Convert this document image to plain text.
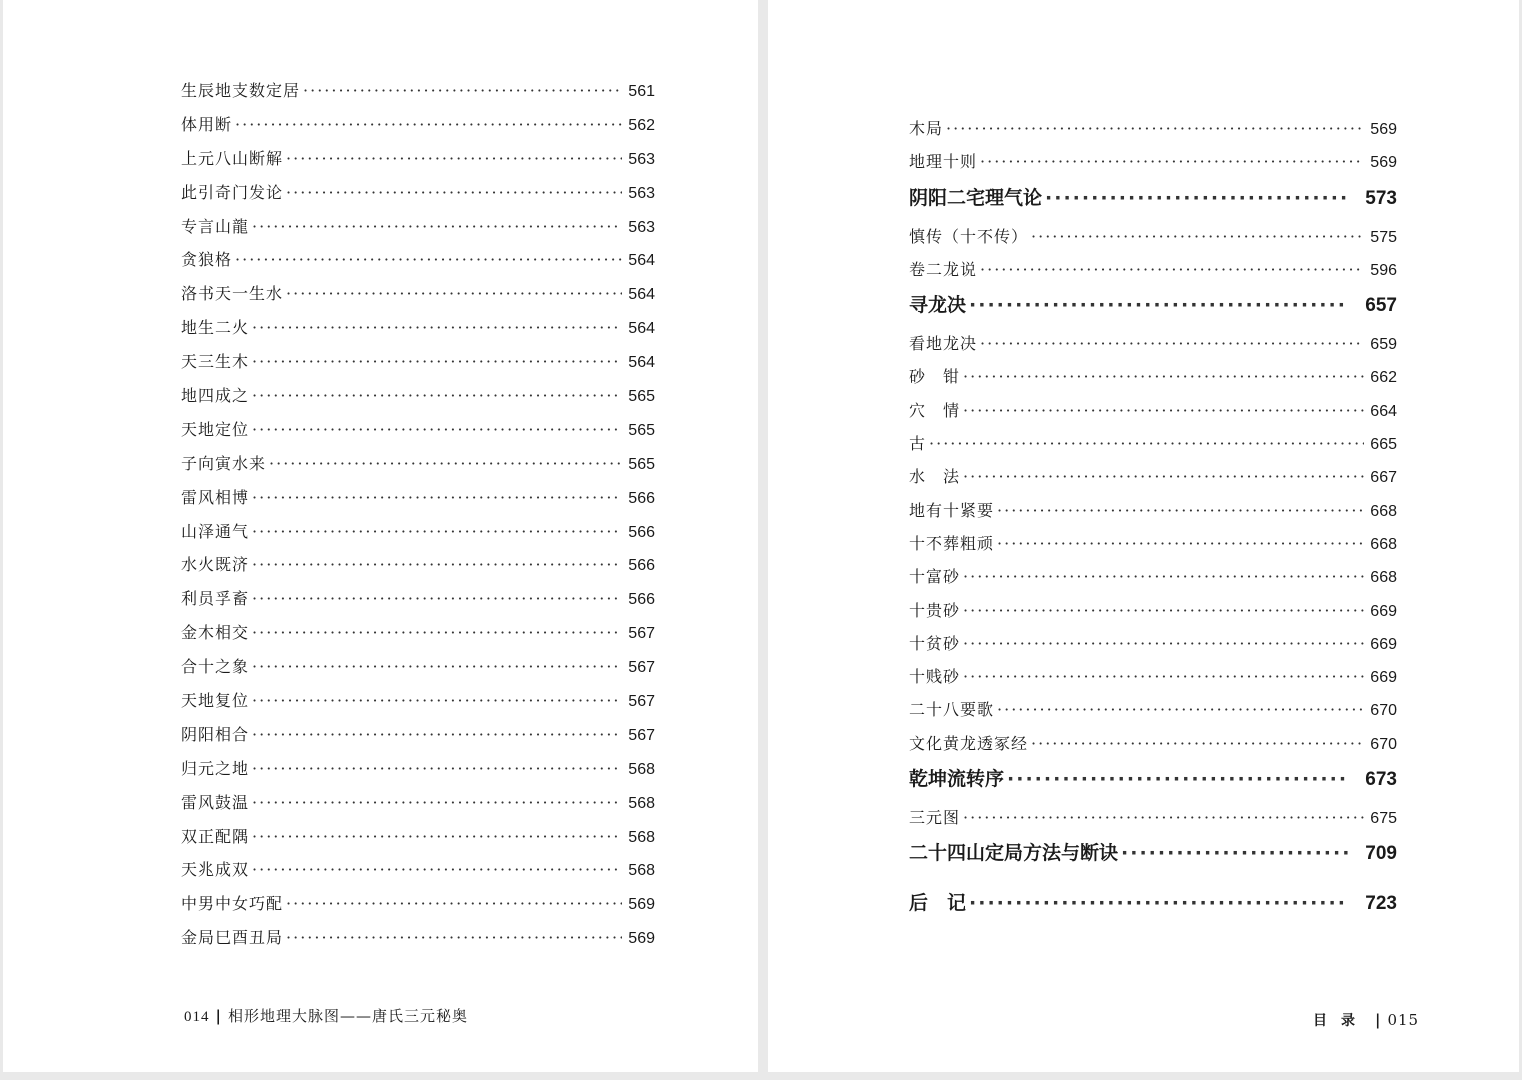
生辰地支数定居 ·····	561
体用断 ·····	562
上元八山断解 ·····	563
此引奇门发论 ·····	563
专言山龍 ·····	563
贪狼格 ·····	564
洛书天一生水 ·····	564
地生二火 ·····	564
天三生木 ·····	564
地四成之 ·····	565
天地定位 ·····	565
子向寅水来 ·····	565
雷风相博 ·····	566
山泽通气 ·····	566
水火既济 ·····	566
利员孚畜 ·····	566
金木相交 ·····	567
合十之象 ·····	567
天地复位 ·····	567
阴阳相合 ·····	567
归元之地 ·····	568
雷风鼓温 ·····	568
双正配隅 ·····	568
天兆成双 ·····	568
中男中女巧配 ·····	569
金局巳酉丑局 ·····	569
014 | 相形地理大脉图——唐氏三元秘奥
木局 ·····	569
地理十则 ·····	569
阴阳二宅理气论 ·····	573
慎传（十不传） ·····	575
卷二龙说 ·····	596
寻龙决 ·····	657
看地龙决 ·····	659
砂　钳 ·····	662
穴　情 ·····	664
古 ·····	665
水　法 ·····	667
地有十紧要 ·····	668
十不葬粗顽 ·····	668
十富砂 ·····	668
十贵砂 ·····	669
十贫砂 ·····	669
十贱砂 ·····	669
二十八要歌 ·····	670
文化黄龙透冢经 ·····	670
乾坤流转序 ·····	673
三元图 ·····	675
二十四山定局方法与断诀 ·····	709
后　记 ·····	723
目录 | 015
